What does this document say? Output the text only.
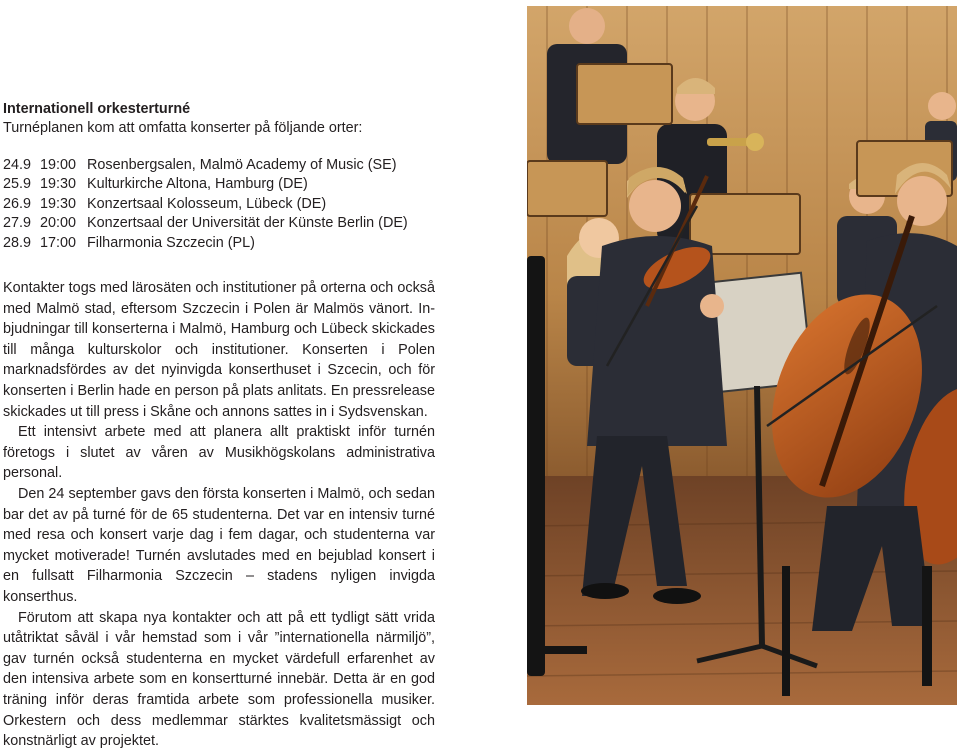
Internationell orkesterturné

Turnéplanen kom att omfatta konserter på följande orter:

24.9 19:00 Rosenbergsalen, Malmö Academy of Music (SE)
25.9 19:30 Kulturkirche Altona, Hamburg (DE)
26.9 19:30 Konzertsaal Kolosseum, Lübeck (DE)
27.9 20:00 Konzertsaal der Universität der Künste Berlin (DE)
28.9 17:00 Filharmonia Szczecin (PL)

Kontakter togs med lärosäten och institutioner på orterna och också med Malmö stad, eftersom Szczecin i Polen är Malmös vänort. Inbjudningar till konserterna i Malmö, Hamburg och Lübeck skickades till många kulturskolor och institutioner. Konserten i Polen marknadsfördes av det nyinvigda konserthuset i Szcecin, och för konserten i Berlin hade en person på plats anlitats. En pressrelease skickades ut till press i Skåne och annons sattes in i Sydsvenskan.

Ett intensivt arbete med att planera allt praktiskt inför turnén företogs i slutet av våren av Musikhögskolans administrativa personal.

Den 24 september gavs den första konserten i Malmö, och sedan bar det av på turné för de 65 studenterna. Det var en intensiv turné med resa och konsert varje dag i fem dagar, och studenterna var mycket motiverade! Turnén avslutades med en bejublad konsert i en fullsatt Filharmonia Szczecin – stadens nyligen invigda konserthus.

Förutom att skapa nya kontakter och att på ett tydligt sätt vrida utåtriktat såväl i vår hemstad som i vår ”internationella närmiljö”, gav turnén också studenterna en mycket värdefull erfarenhet av den intensiva arbete som en konsertturné innebär. Detta är en god träning inför deras framtida arbete som professionella musiker. Orkestern och dess medlemmar stärktes kvalitetsmässigt och konstnärligt av projektet.
